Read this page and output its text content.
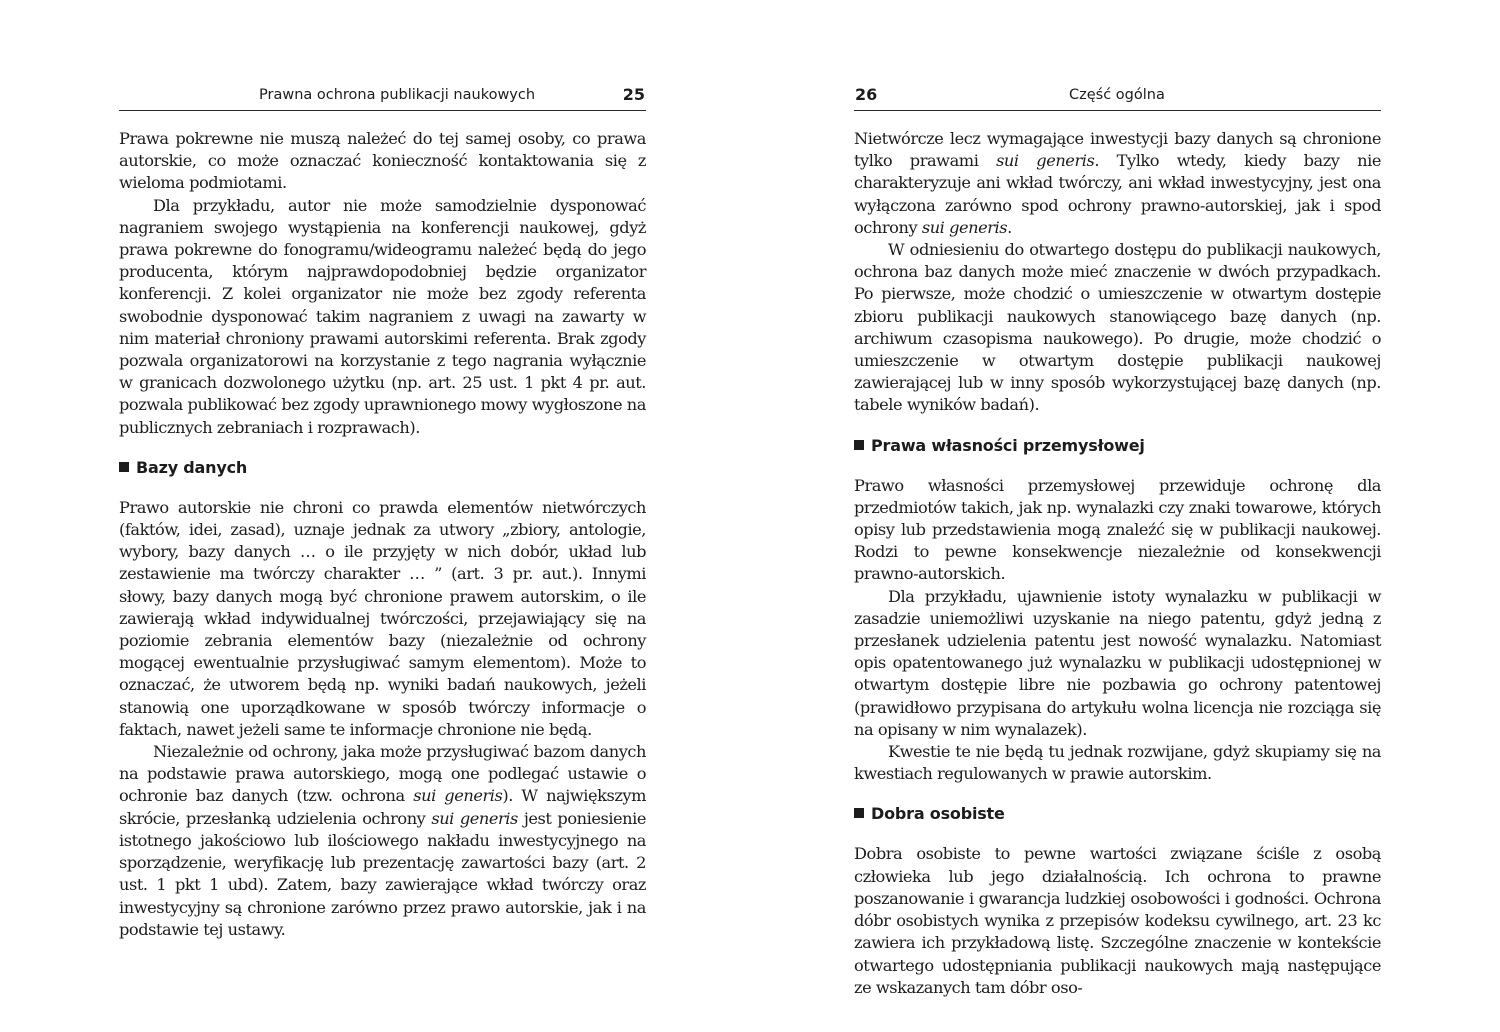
Prawna ochrona publikacji naukowych	25

Prawa pokrewne nie muszą należeć do tej samej osoby, co prawa autorskie, co może oznaczać konieczność kontaktowania się z wieloma podmiotami.

Dla przykładu, autor nie może samodzielnie dysponować nagraniem swojego wystąpienia na konferencji naukowej, gdyż prawa pokrewne do fonogramu/wideogramu należeć będą do jego producenta, którym najprawdopodobniej będzie organizator konferencji. Z kolei organizator nie może bez zgody referenta swobodnie dysponować takim nagraniem z uwagi na zawarty w nim materiał chroniony prawami autorskimi referenta. Brak zgody pozwala organizatorowi na korzystanie z tego nagrania wyłącznie w granicach dozwolonego użytku (np. art. 25 ust. 1 pkt 4 pr. aut. pozwala publikować bez zgody uprawnionego mowy wygłoszone na publicznych zebraniach i rozprawach).

Bazy danych

Prawo autorskie nie chroni co prawda elementów nietwórczych (faktów, idei, zasad), uznaje jednak za utwory „zbiory, antologie, wybory, bazy danych … o ile przyjęty w nich dobór, układ lub zestawienie ma twórczy charakter … ” (art. 3 pr. aut.). Innymi słowy, bazy danych mogą być chronione prawem autorskim, o ile zawierają wkład indywidualnej twórczości, przejawiający się na poziomie zebrania elementów bazy (niezależnie od ochrony mogącej ewentualnie przysługiwać samym elementom). Może to oznaczać, że utworem będą np. wyniki badań naukowych, jeżeli stanowią one uporządkowane w sposób twórczy informacje o faktach, nawet jeżeli same te informacje chronione nie będą.

Niezależnie od ochrony, jaka może przysługiwać bazom danych na podstawie prawa autorskiego, mogą one podlegać ustawie o ochronie baz danych (tzw. ochrona sui generis). W największym skrócie, przesłanką udzielenia ochrony sui generis jest poniesienie istotnego jakościowo lub ilościowego nakładu inwestycyjnego na sporządzenie, weryfikację lub prezentację zawartości bazy (art. 2 ust. 1 pkt 1 ubd). Zatem, bazy zawierające wkład twórczy oraz inwestycyjny są chronione zarówno przez prawo autorskie, jak i na podstawie tej ustawy.

26	Część ogólna

Nietwórcze lecz wymagające inwestycji bazy danych są chronione tylko prawami sui generis. Tylko wtedy, kiedy bazy nie charakteryzuje ani wkład twórczy, ani wkład inwestycyjny, jest ona wyłączona zarówno spod ochrony prawno-autorskiej, jak i spod ochrony sui generis.

W odniesieniu do otwartego dostępu do publikacji naukowych, ochrona baz danych może mieć znaczenie w dwóch przypadkach. Po pierwsze, może chodzić o umieszczenie w otwartym dostępie zbioru publikacji naukowych stanowiącego bazę danych (np. archiwum czasopisma naukowego). Po drugie, może chodzić o umieszczenie w otwartym dostępie publikacji naukowej zawierającej lub w inny sposób wykorzystującej bazę danych (np. tabele wyników badań).

Prawa własności przemysłowej

Prawo własności przemysłowej przewiduje ochronę dla przedmiotów takich, jak np. wynalazki czy znaki towarowe, których opisy lub przedstawienia mogą znaleźć się w publikacji naukowej. Rodzi to pewne konsekwencje niezależnie od konsekwencji prawno-autorskich.

Dla przykładu, ujawnienie istoty wynalazku w publikacji w zasadzie uniemożliwi uzyskanie na niego patentu, gdyż jedną z przesłanek udzielenia patentu jest nowość wynalazku. Natomiast opis opatentowanego już wynalazku w publikacji udostępnionej w otwartym dostępie libre nie pozbawia go ochrony patentowej (prawidłowo przypisana do artykułu wolna licencja nie rozciąga się na opisany w nim wynalazek).

Kwestie te nie będą tu jednak rozwijane, gdyż skupiamy się na kwestiach regulowanych w prawie autorskim.

Dobra osobiste

Dobra osobiste to pewne wartości związane ściśle z osobą człowieka lub jego działalnością. Ich ochrona to prawne poszanowanie i gwarancja ludzkiej osobowości i godności. Ochrona dóbr osobistych wynika z przepisów kodeksu cywilnego, art. 23 kc zawiera ich przykładową listę. Szczególne znaczenie w kontekście otwartego udostępniania publikacji naukowych mają następujące ze wskazanych tam dóbr oso-
